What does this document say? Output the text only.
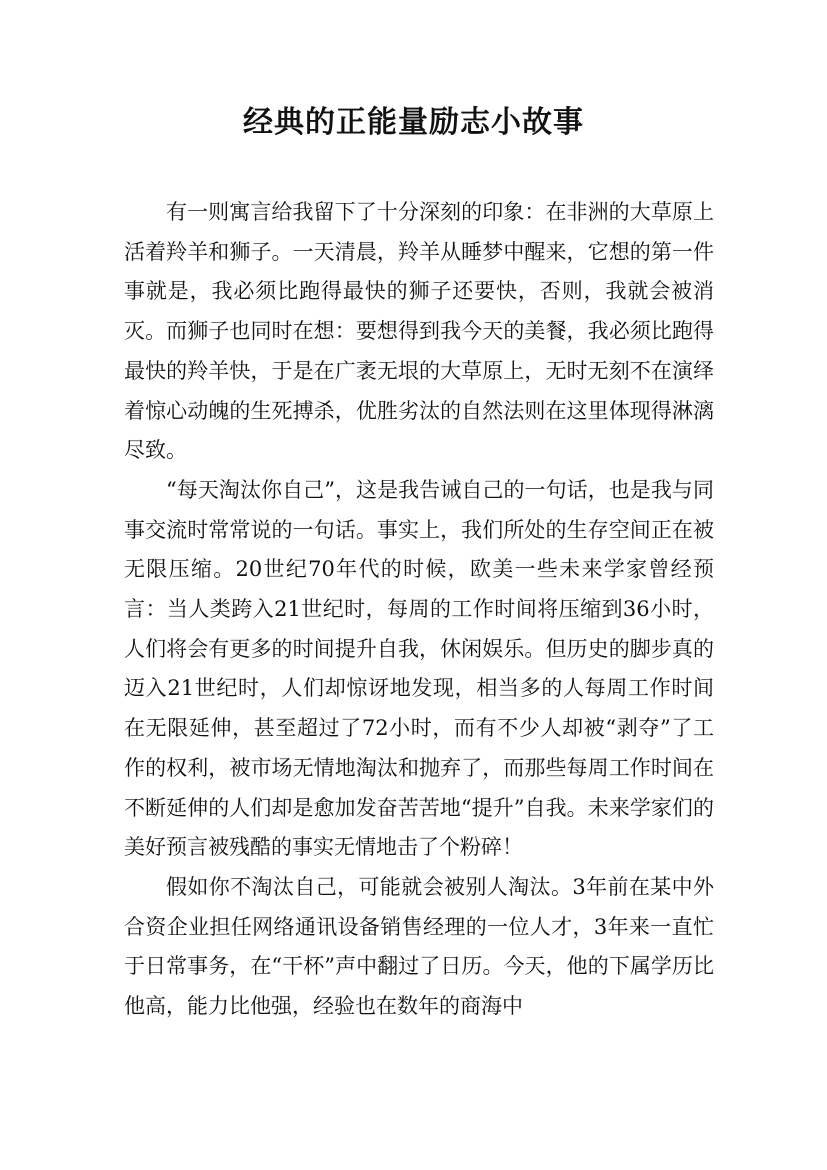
经典的正能量励志小故事

有一则寓言给我留下了十分深刻的印象：在非洲的大草原上活着羚羊和狮子。一天清晨，羚羊从睡梦中醒来，它想的第一件事就是，我必须比跑得最快的狮子还要快，否则，我就会被消灭。而狮子也同时在想：要想得到我今天的美餐，我必须比跑得最快的羚羊快，于是在广袤无垠的大草原上，无时无刻不在演绎着惊心动魄的生死搏杀，优胜劣汰的自然法则在这里体现得淋漓尽致。

“每天淘汰你自己”，这是我告诫自己的一句话，也是我与同事交流时常常说的一句话。事实上，我们所处的生存空间正在被无限压缩。20世纪70年代的时候，欧美一些未来学家曾经预言：当人类跨入21世纪时，每周的工作时间将压缩到36小时，人们将会有更多的时间提升自我，休闲娱乐。但历史的脚步真的迈入21世纪时，人们却惊讶地发现，相当多的人每周工作时间在无限延伸，甚至超过了72小时，而有不少人却被“剥夺”了工作的权利，被市场无情地淘汰和抛弃了，而那些每周工作时间在不断延伸的人们却是愈加发奋苦苦地“提升”自我。未来学家们的美好预言被残酷的事实无情地击了个粉碎！

假如你不淘汰自己，可能就会被别人淘汰。3年前在某中外合资企业担任网络通讯设备销售经理的一位人才，3年来一直忙于日常事务，在“干杯”声中翻过了日历。今天，他的下属学历比他高，能力比他强，经验也在数年的商海中
